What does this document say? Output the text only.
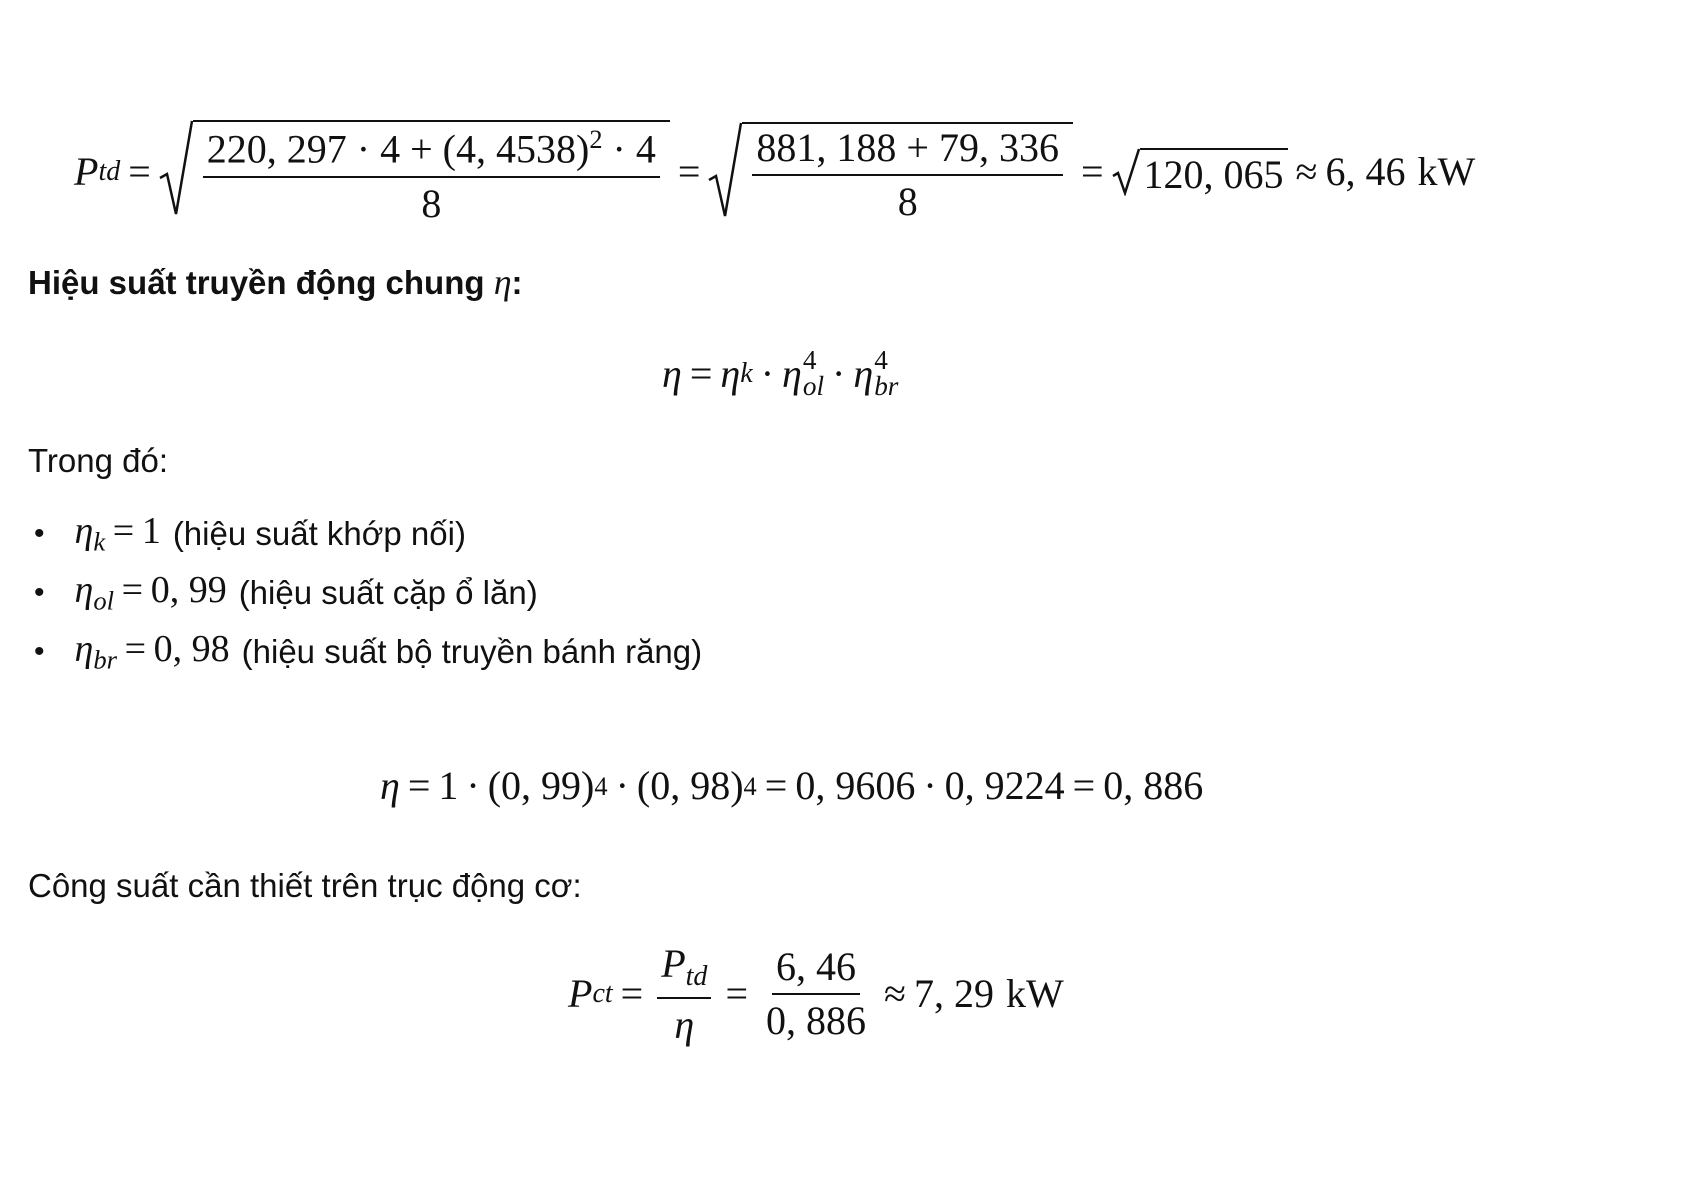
P td = $\frac{220, 297 \cdot 4 + (4, 4538)^2 \cdot 4}{8} = \frac{881, 188 + 79, 336}{8} = 120$, 065 ≈ 6, 46 kW
Hiệu suất truyền động chung η:
η = η k · η 4
ol · η 4
br
Trong đó:
• $\eta_k = 1$ (hiệu suất khớp nối)
• $\eta_{ol} = 0$, 99 (hiệu suất cặp ổ lăn)
• $\eta_{br} = 0$, 98 (hiệu suất bộ truyền bánh răng)
η = 1 · (0, 99) 4 · (0, 98) 4 = 0, 9606 · 0, 9224 = 0, 886
Công suất cần thiết trên trục động cơ:
P ct = $\frac{P_{td}}{\eta} = \frac{6, 46}{0, 886} \approx 7$, 29 kW
